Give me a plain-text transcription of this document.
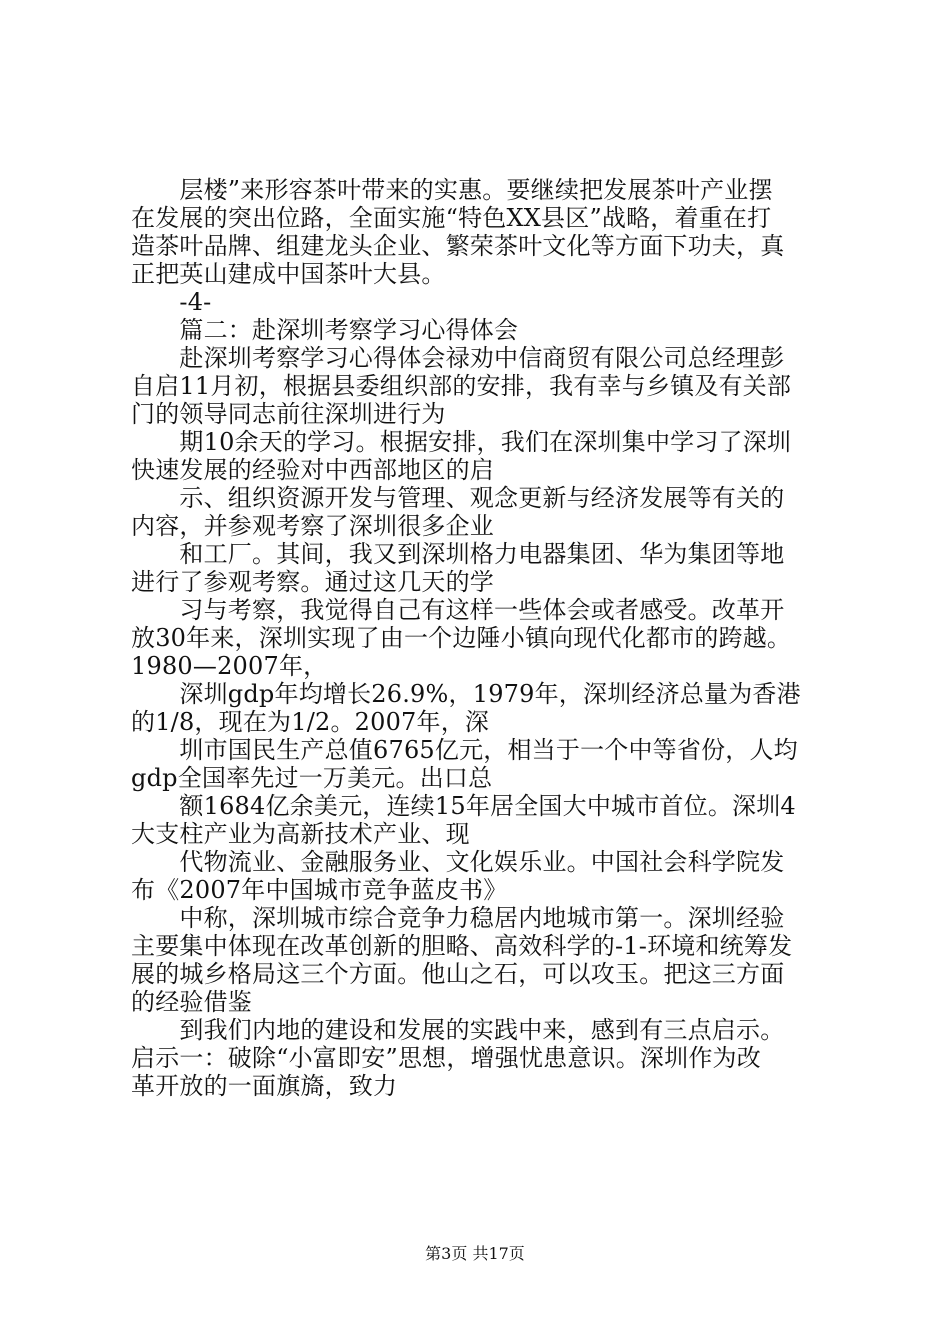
　　层楼”来形容茶叶带来的实惠。要继续把发展茶叶产业摆
在发展的突出位路，全面实施“特色XX县区”战略，着重在打
造茶叶品牌、组建龙头企业、繁荣茶叶文化等方面下功夫，真
正把英山建成中国茶叶大县。
　　-4-
　　篇二：赴深圳考察学习心得体会
　　赴深圳考察学习心得体会禄劝中信商贸有限公司总经理彭
自启11月初，根据县委组织部的安排，我有幸与乡镇及有关部
门的领导同志前往深圳进行为
　　期10余天的学习。根据安排，我们在深圳集中学习了深圳
快速发展的经验对中西部地区的启
　　示、组织资源开发与管理、观念更新与经济发展等有关的
内容，并参观考察了深圳很多企业
　　和工厂。其间，我又到深圳格力电器集团、华为集团等地
进行了参观考察。通过这几天的学
　　习与考察，我觉得自己有这样一些体会或者感受。改革开
放30年来，深圳实现了由一个边陲小镇向现代化都市的跨越。
1980—2007年，
　　深圳gdp年均增长26.9%，1979年，深圳经济总量为香港
的1/8，现在为1/2。2007年，深
　　圳市国民生产总值6765亿元，相当于一个中等省份，人均
gdp全国率先过一万美元。出口总
　　额1684亿余美元，连续15年居全国大中城市首位。深圳4
大支柱产业为高新技术产业、现
　　代物流业、金融服务业、文化娱乐业。中国社会科学院发
布《2007年中国城市竞争蓝皮书》
　　中称，深圳城市综合竞争力稳居内地城市第一。深圳经验
主要集中体现在改革创新的胆略、高效科学的-1-环境和统筹发
展的城乡格局这三个方面。他山之石，可以攻玉。把这三方面
的经验借鉴
　　到我们内地的建设和发展的实践中来，感到有三点启示。
启示一：破除“小富即安”思想，增强忧患意识。深圳作为改
革开放的一面旗旖，致力
第3页 共17页
